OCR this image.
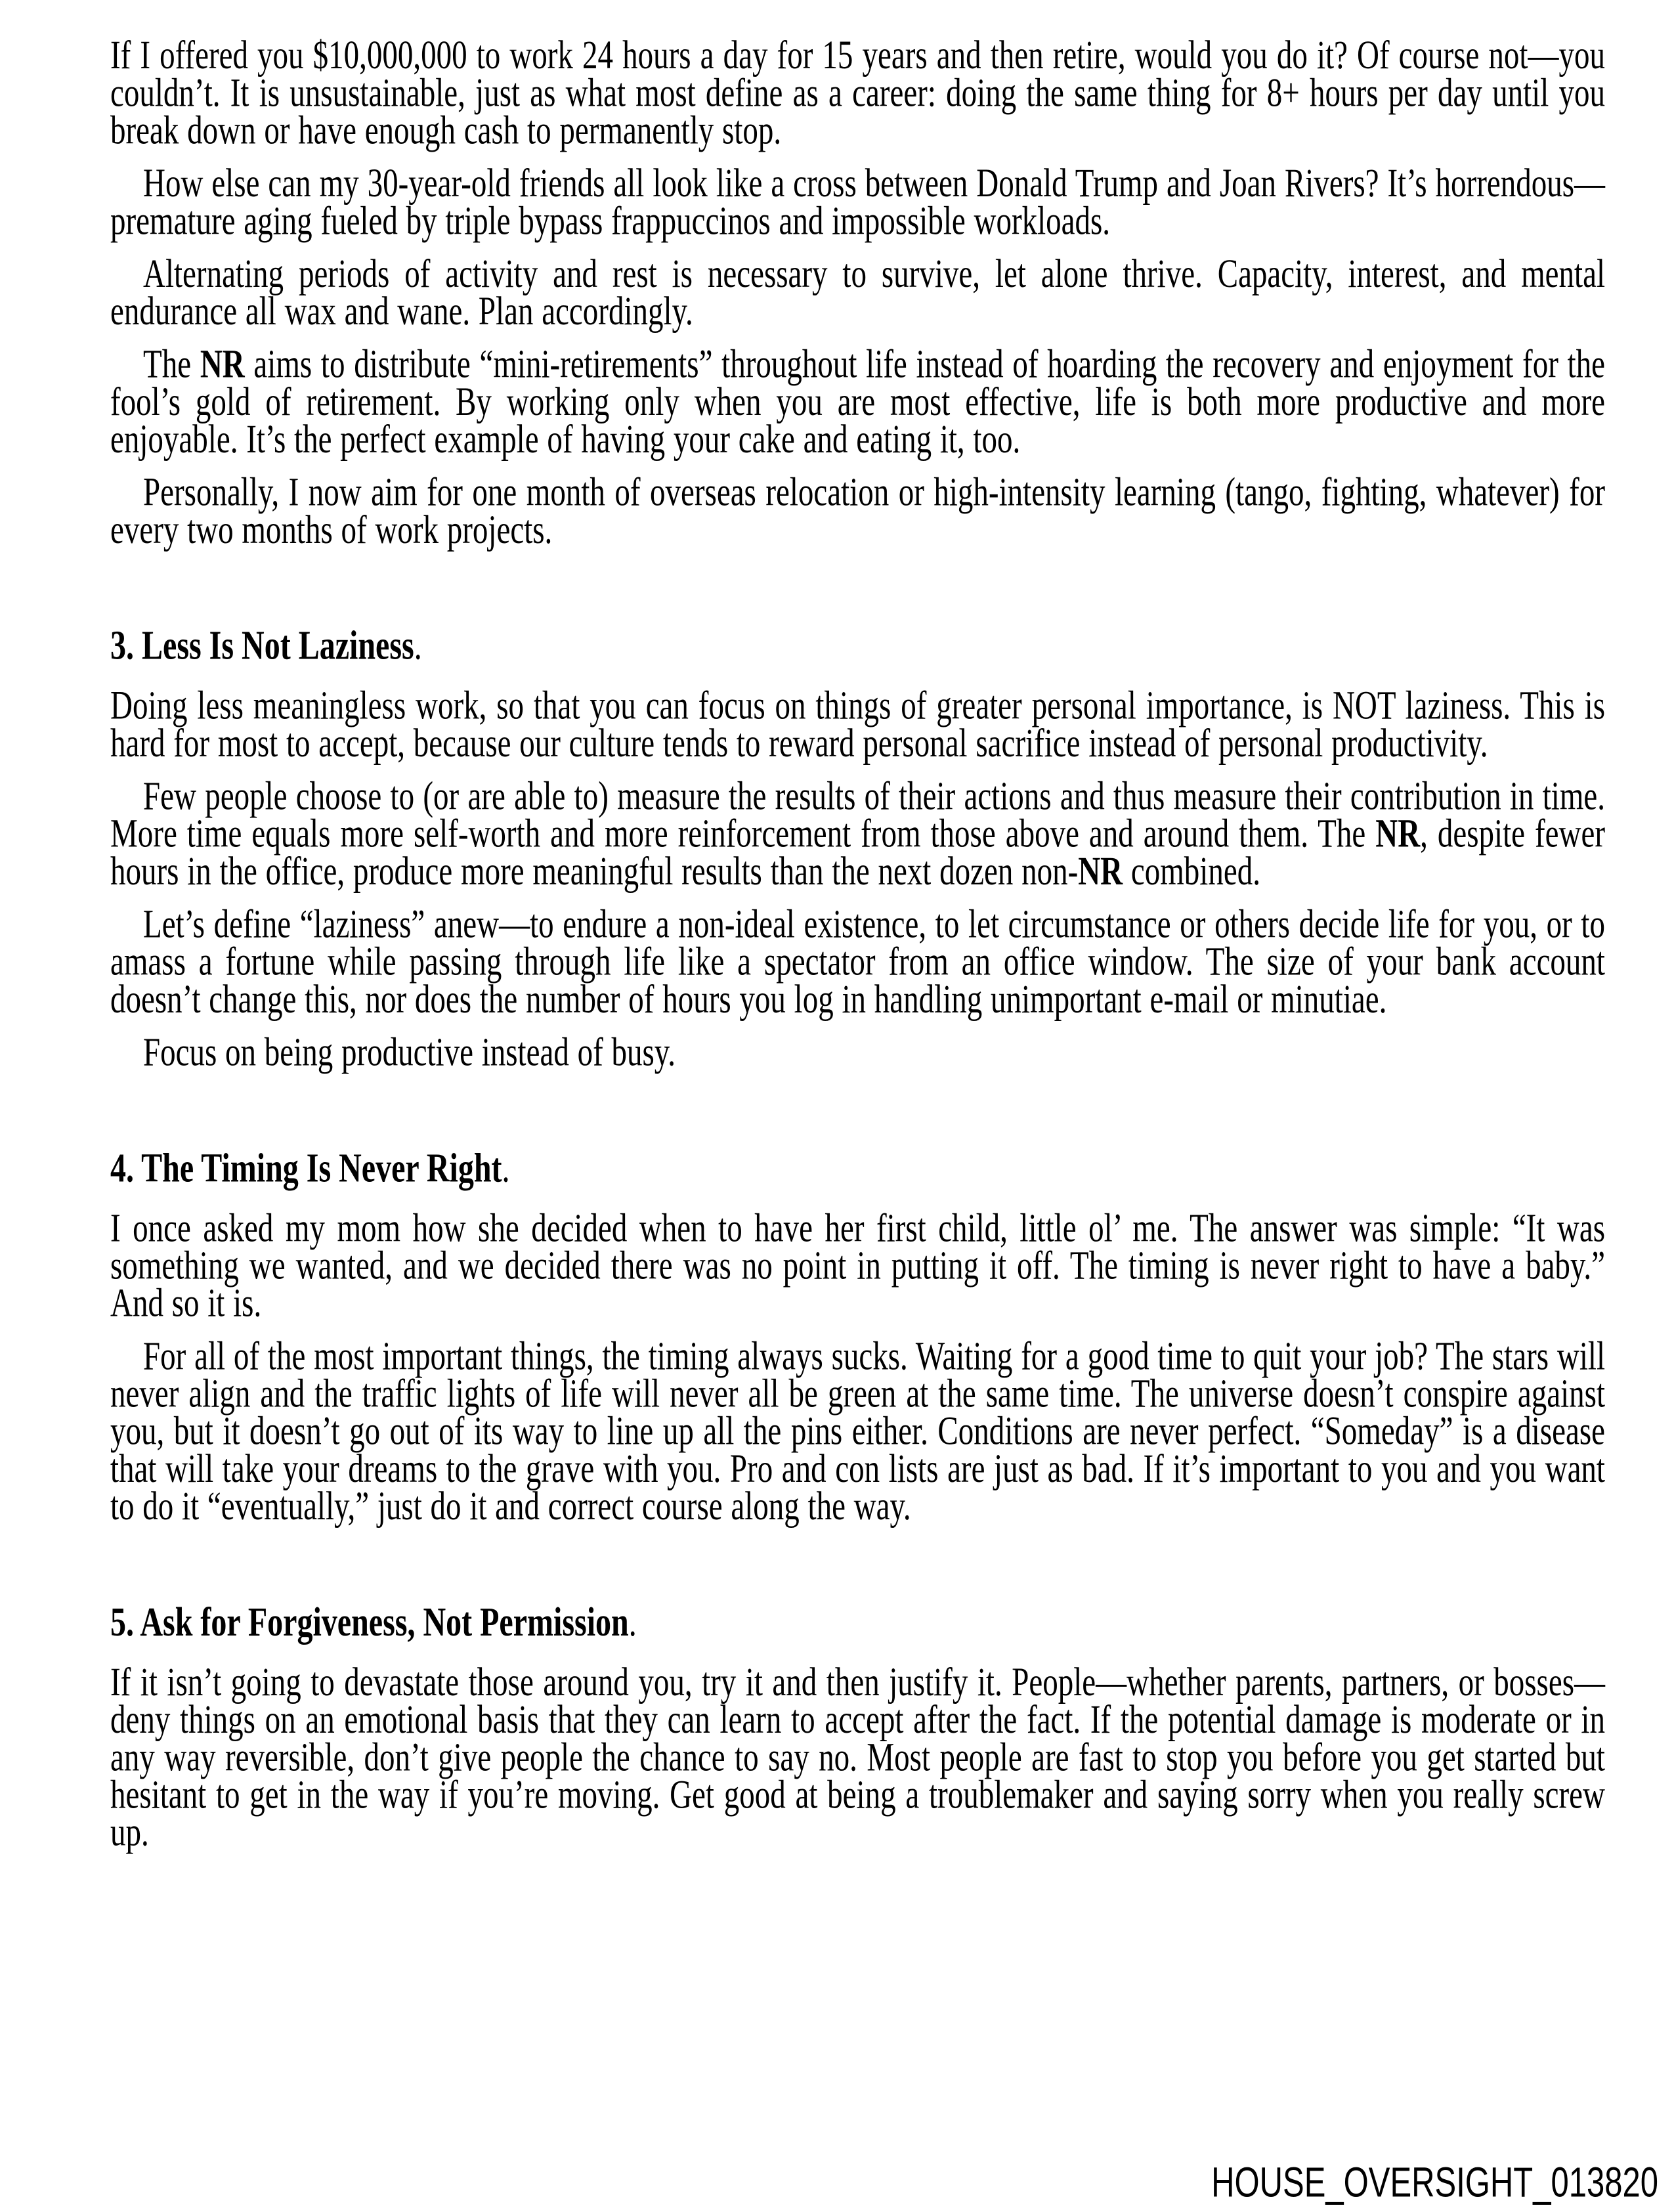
If I offered you $10,000,000 to work 24 hours a day for 15 years and then retire, would you do it? Of course not—you couldn’t. It is unsustainable, just as what most define as a career: doing the same thing for 8+ hours per day until you break down or have enough cash to permanently stop.

How else can my 30-year-old friends all look like a cross between Donald Trump and Joan Rivers? It’s horrendous—premature aging fueled by triple bypass frappuccinos and impossible workloads.

Alternating periods of activity and rest is necessary to survive, let alone thrive. Capacity, interest, and mental endurance all wax and wane. Plan accordingly.

The NR aims to distribute “mini-retirements” throughout life instead of hoarding the recovery and enjoyment for the fool’s gold of retirement. By working only when you are most effective, life is both more productive and more enjoyable. It’s the perfect example of having your cake and eating it, too.

Personally, I now aim for one month of overseas relocation or high-intensity learning (tango, fighting, whatever) for every two months of work projects.

3. Less Is Not Laziness.

Doing less meaningless work, so that you can focus on things of greater personal importance, is NOT laziness. This is hard for most to accept, because our culture tends to reward personal sacrifice instead of personal productivity.

Few people choose to (or are able to) measure the results of their actions and thus measure their contribution in time. More time equals more self-worth and more reinforcement from those above and around them. The NR, despite fewer hours in the office, produce more meaningful results than the next dozen non-NR combined.

Let’s define “laziness” anew—to endure a non-ideal existence, to let circumstance or others decide life for you, or to amass a fortune while passing through life like a spectator from an office window. The size of your bank account doesn’t change this, nor does the number of hours you log in handling unimportant e-mail or minutiae.

Focus on being productive instead of busy.

4. The Timing Is Never Right.

I once asked my mom how she decided when to have her first child, little ol’ me. The answer was simple: “It was something we wanted, and we decided there was no point in putting it off. The timing is never right to have a baby.” And so it is.

For all of the most important things, the timing always sucks. Waiting for a good time to quit your job? The stars will never align and the traffic lights of life will never all be green at the same time. The universe doesn’t conspire against you, but it doesn’t go out of its way to line up all the pins either. Conditions are never perfect. “Someday” is a disease that will take your dreams to the grave with you. Pro and con lists are just as bad. If it’s important to you and you want to do it “eventually,” just do it and correct course along the way.

5. Ask for Forgiveness, Not Permission.

If it isn’t going to devastate those around you, try it and then justify it. People—whether parents, partners, or bosses—deny things on an emotional basis that they can learn to accept after the fact. If the potential damage is moderate or in any way reversible, don’t give people the chance to say no. Most people are fast to stop you before you get started but hesitant to get in the way if you’re moving. Get good at being a troublemaker and saying sorry when you really screw up.

HOUSE_OVERSIGHT_013820
